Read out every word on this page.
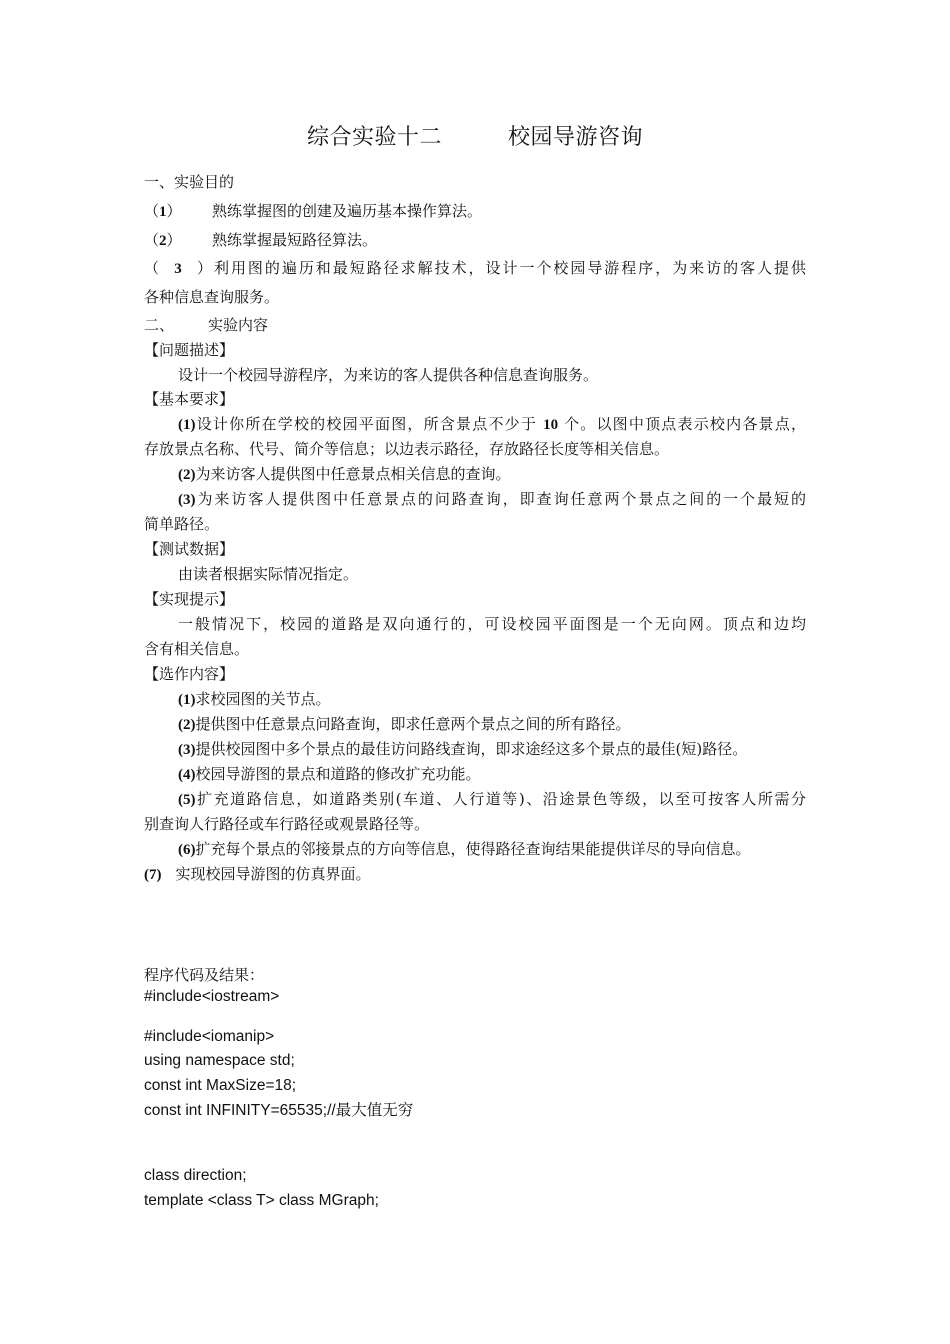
综合实验十二	校园导游咨询
一、实验目的
（1） 熟练掌握图的创建及遍历基本操作算法。
（2） 熟练掌握最短路径算法。
（3）利用图的遍历和最短路径求解技术，设计一个校园导游程序，为来访的客人提供
各种信息查询服务。
二、 实验内容
【问题描述】
设计一个校园导游程序，为来访的客人提供各种信息查询服务。
【基本要求】
(1)设计你所在学校的校园平面图，所含景点不少于 10 个。以图中顶点表示校内各景点，
存放景点名称、代号、简介等信息；以边表示路径，存放路径长度等相关信息。
(2)为来访客人提供图中任意景点相关信息的查询。
(3)为来访客人提供图中任意景点的问路查询，即查询任意两个景点之间的一个最短的
简单路径。
【测试数据】
由读者根据实际情况指定。
【实现提示】
一般情况下，校园的道路是双向通行的，可设校园平面图是一个无向网。顶点和边均
含有相关信息。
【选作内容】
(1)求校园图的关节点。
(2)提供图中任意景点问路查询，即求任意两个景点之间的所有路径。
(3)提供校园图中多个景点的最佳访问路线查询，即求途经这多个景点的最佳(短)路径。
(4)校园导游图的景点和道路的修改扩充功能。
(5)扩充道路信息，如道路类别(车道、人行道等)、沿途景色等级，以至可按客人所需分
别查询人行路径或车行路径或观景路径等。
(6)扩充每个景点的邻接景点的方向等信息，使得路径查询结果能提供详尽的导向信息。
(7) 实现校园导游图的仿真界面。
程序代码及结果：
#include<iostream>
#include<iomanip>
using namespace std;
const int MaxSize=18;
const int INFINITY=65535;//最大值无穷
class direction;
template <class T> class MGraph;
